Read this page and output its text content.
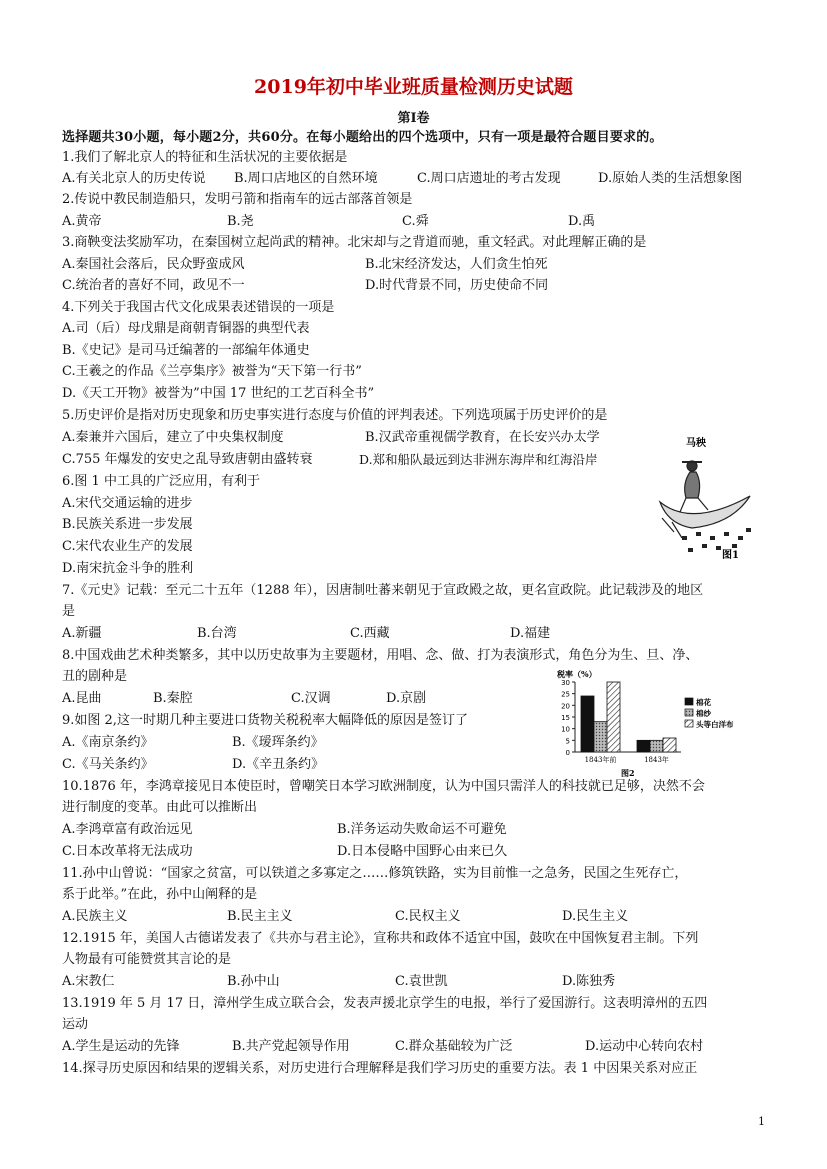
2019年初中毕业班质量检测历史试题
第Ⅰ卷
选择题共30小题，每小题2分，共60分。在每小题给出的四个选项中，只有一项是最符合题目要求的。
1.我们了解北京人的特征和生活状况的主要依据是
A.有关北京人的历史传说 B.周口店地区的自然环境	C.周口店遗址的考古发现	D.原始人类的生活想象图
2.传说中教民制造船只，发明弓箭和指南车的远古部落首领是
A.黄帝	B.尧	C.舜	D.禹
3.商鞅变法奖励军功，在秦国树立起尚武的精神。北宋却与之背道而驰，重文轻武。对此理解正确的是
A.秦国社会落后，民众野蛮成风	B.北宋经济发达，人们贪生怕死
C.统治者的喜好不同，政见不一	D.时代背景不同，历史使命不同
4.下列关于我国古代文化成果表述错误的一项是
A.司（后）母戊鼎是商朝青铜器的典型代表
B.《史记》是司马迁编著的一部编年体通史
C.王羲之的作品《兰亭集序》被誉为“天下第一行书”
D.《天工开物》被誉为”中国 17 世纪的工艺百科全书”
5.历史评价是指对历史现象和历史事实进行态度与价值的评判表述。下列选项属于历史评价的是
A.秦兼并六国后，建立了中央集权制度	B.汉武帝重视儒学教育，在长安兴办太学
C.755 年爆发的安史之乱导致唐朝由盛转衰	D.郑和船队最远到达非洲东海岸和红海沿岸
6.图 1 中工具的广泛应用，有利于
A.宋代交通运输的进步
B.民族关系进一步发展
C.宋代农业生产的发展
D.南宋抗金斗争的胜利
马秧
图1
7.《元史》记载：至元二十五年（1288 年），因唐制吐蕃来朝见于宣政殿之故，更名宣政院。此记载涉及的地区
是
A.新疆	B.台湾	C.西藏	D.福建
8.中国戏曲艺术种类繁多，其中以历史故事为主要题材，用唱、念、做、打为表演形式，角色分为生、旦、净、
丑的剧种是
A.昆曲	B.秦腔	C.汉调	D.京剧
9.如图 2,这一时期几种主要进口货物关税税率大幅降低的原因是签订了
A.《南京条约》	B.《瑷珲条约》
C.《马关条约》	D.《辛丑条约》
税率（%）
0
5
10
15
20
25
30
1843年前	1843年
棉花
棉纱
头等白洋布
图2
10.1876 年，李鸿章接见日本使臣时，曾嘲笑日本学习欧洲制度，认为中国只需洋人的科技就已足够，决然不会
进行制度的变革。由此可以推断出
A.李鸿章富有政治远见	B.洋务运动失败命运不可避免
C.日本改革将无法成功	D.日本侵略中国野心由来已久
11.孙中山曾说：“国家之贫富，可以铁道之多寡定之……修筑铁路，实为目前惟一之急务，民国之生死存亡，
系于此举。”在此，孙中山阐释的是
A.民族主义	B.民主主义	C.民权主义	D.民生主义
12.1915 年，美国人古德诺发表了《共亦与君主论》，宣称共和政体不适宜中国，鼓吹在中国恢复君主制。下列
人物最有可能赞赏其言论的是
A.宋教仁	B.孙中山	C.袁世凯	D.陈独秀
13.1919 年 5 月 17 日，漳州学生成立联合会，发表声援北京学生的电报，举行了爱国游行。这表明漳州的五四
运动
A.学生是运动的先锋	B.共产党起领导作用	C.群众基础较为广泛	D.运动中心转向农村
14.探寻历史原因和结果的逻辑关系，对历史进行合理解释是我们学习历史的重要方法。表 1 中因果关系对应正
1
